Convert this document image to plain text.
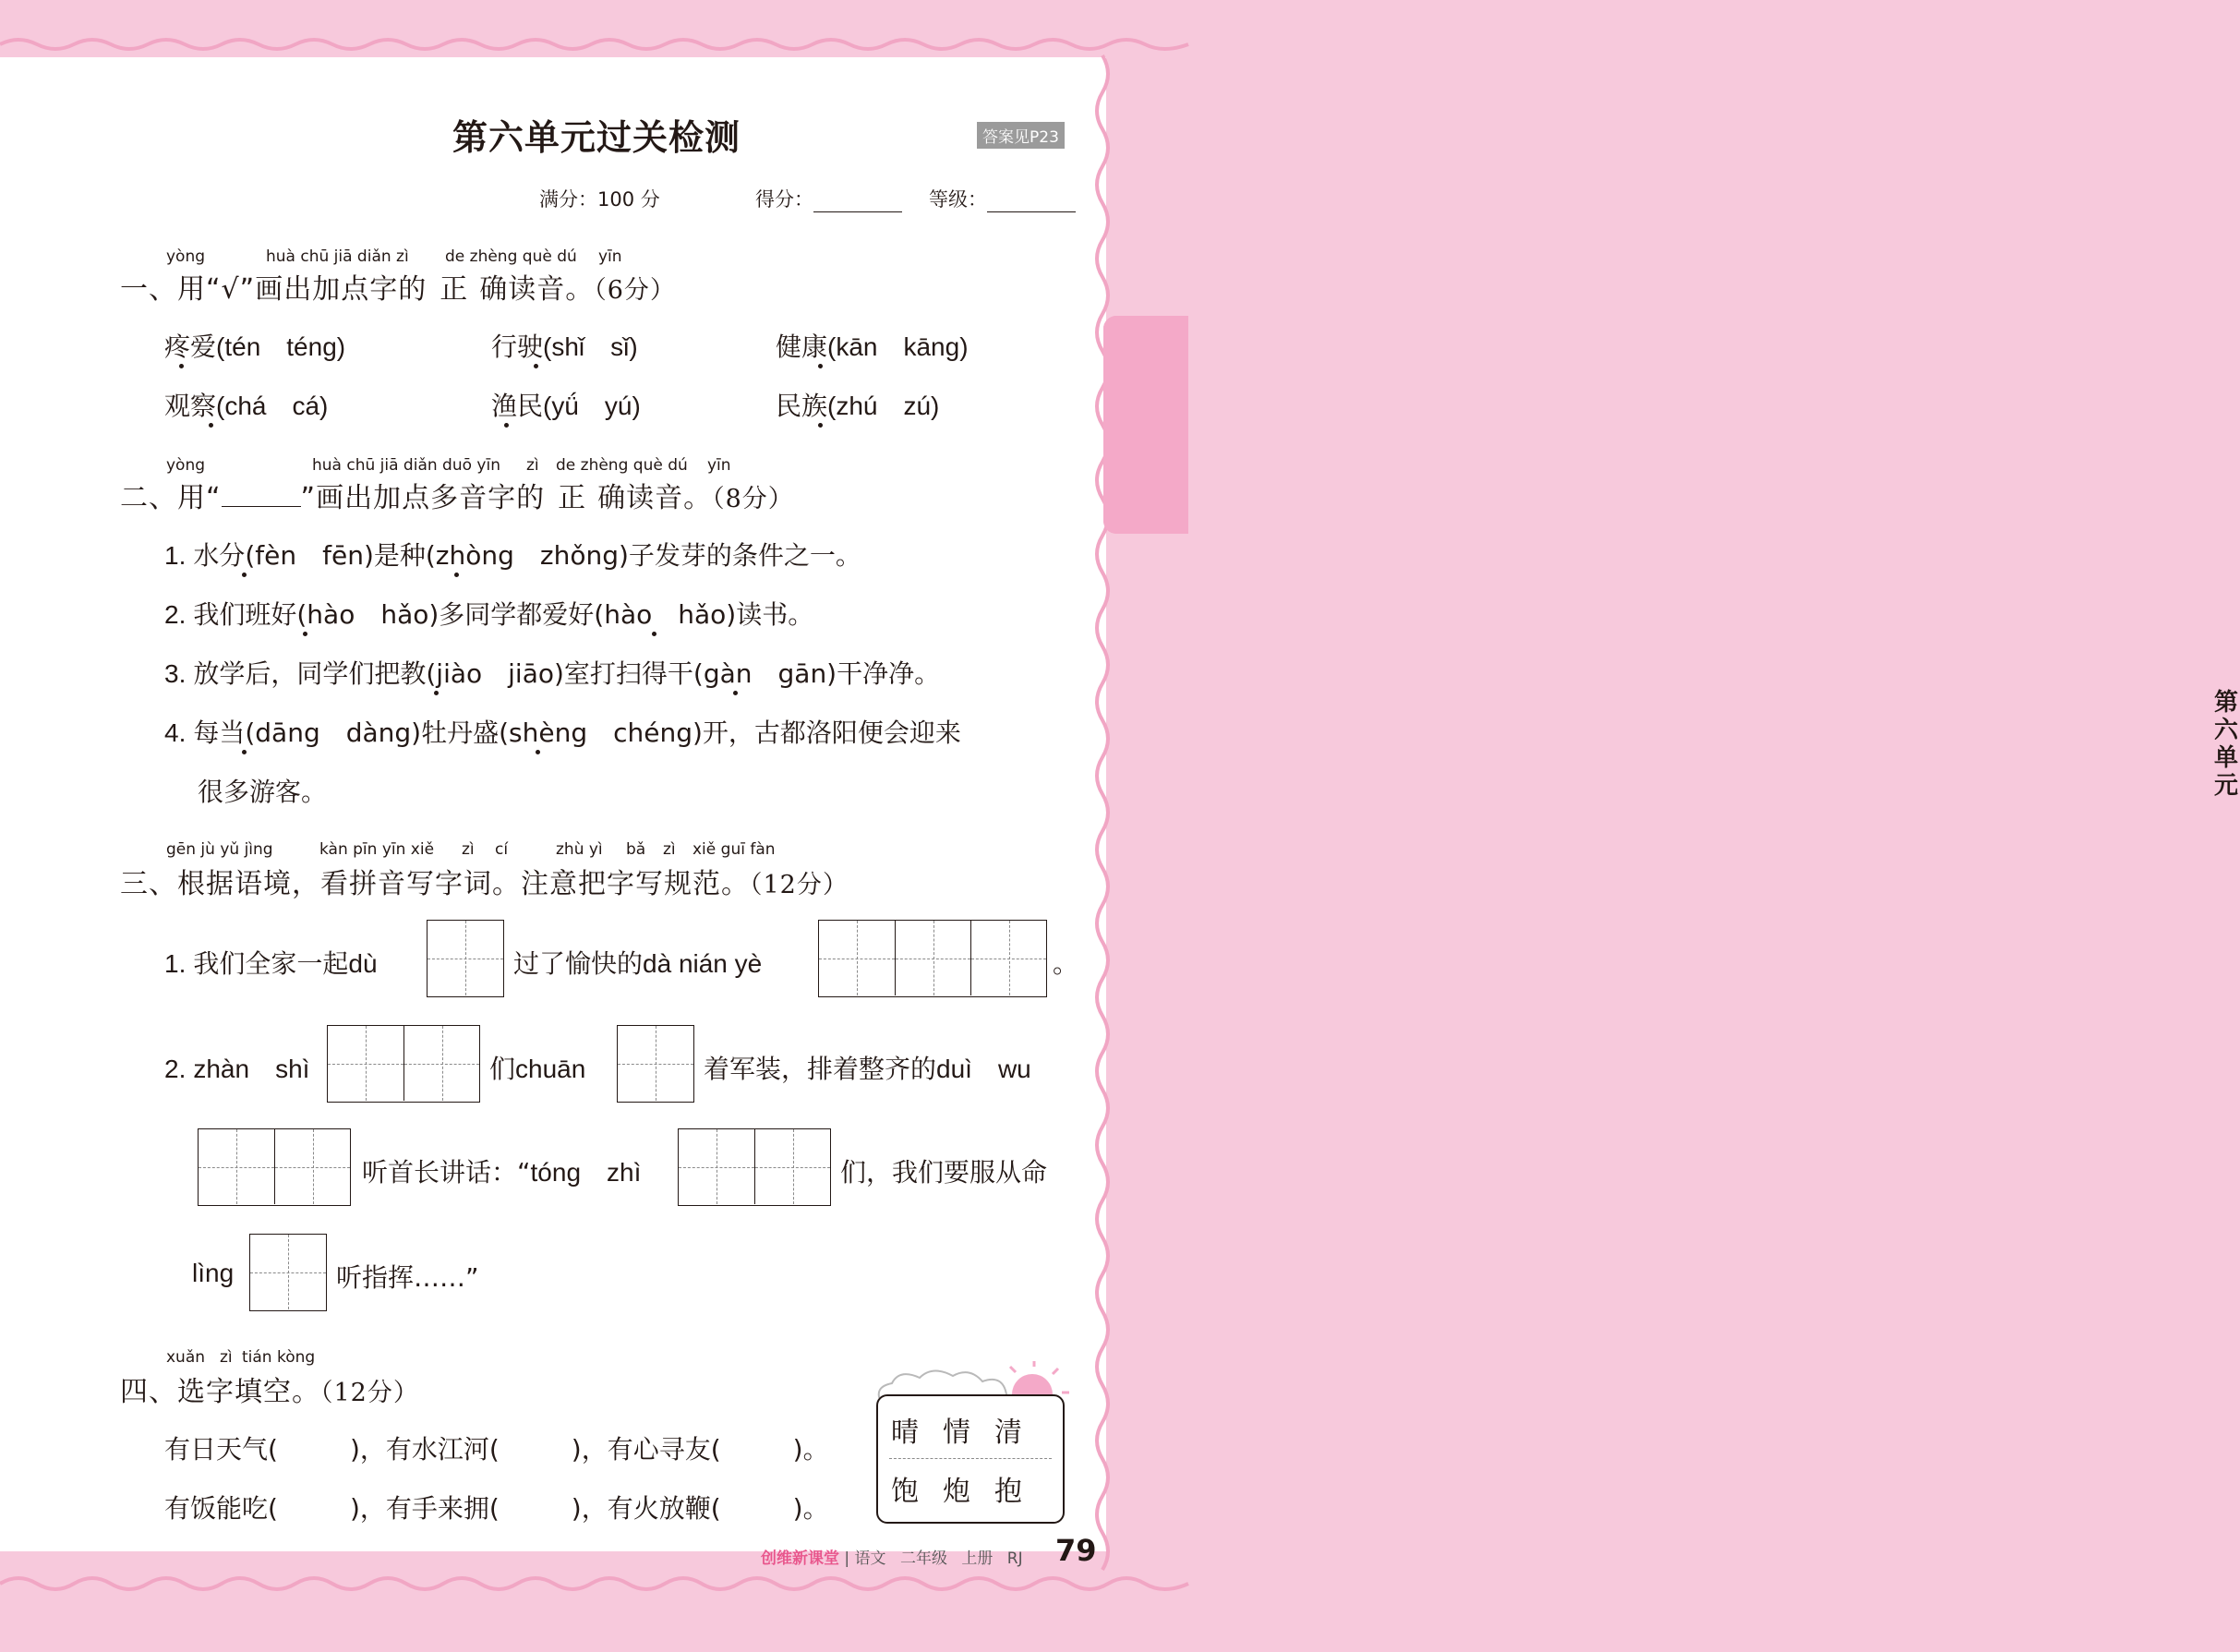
第六单元过关检测	答案见P23
满分：100 分	得分：	等级：
第六单元
yòng	huà chū jiā diǎn zì de zhèng què dú yīn
一、用“√”画出加点字的 正 确读音。（6分）
疼爱(tén　téng)	行驶(shǐ　sǐ)	健康(kān　kāng)
观察(chá　cá)	渔民(yǘ　yú)	民族(zhú　zú)
yòng	huà chū jiā diǎn duō yīn zì de zhèng què dú yīn
二、用“	”画出加点多音字的 正 确读音。（8分）
1. 水分(fèn　fēn)是种(zhòng　zhǒng)子发芽的条件之一。
2. 我们班好(hào　hǎo)多同学都爱好(hào　hǎo)读书。
3. 放学后，同学们把教(jiào　jiāo)室打扫得干(gàn　gān)干净净。
4. 每当(dāng　dàng)牡丹盛(shèng　chéng)开，古都洛阳便会迎来
很多游客。
gēn jù yǔ jìng	kàn pīn yīn xiě zì cí	zhù yì bǎ zì xiě guī fàn
三、根据语境，看拼音写字词。注意把字写规范。（12分）
1. 我们全家一起dù	过了愉快的dà nián yè	。
2. zhàn　shì	们chuān	着军装，排着整齐的duì　wu
听首长讲话：“tóng　zhì	们，我们要服从命
lìng	听指挥……”
xuǎn zì tián kòng
四、选字填空。（12分）
有日天气(	)，有水江河(	)，有心寻友(	)。
有饭能吃(	)，有手来拥(	)，有火放鞭(	)。
晴情清
饱炮抱
创维新课堂 | 语文 二年级 上册 RJ 79
